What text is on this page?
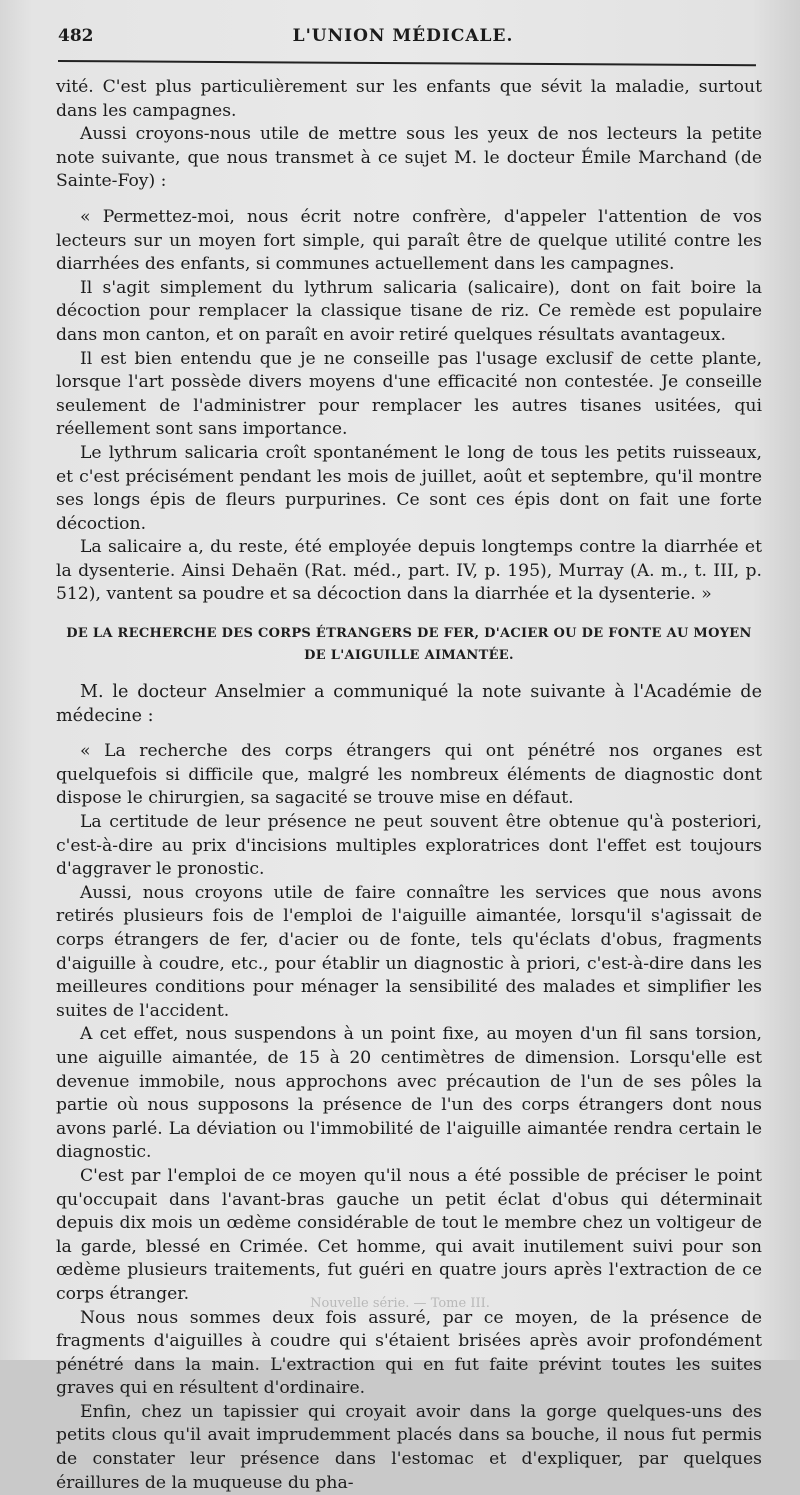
482	L'UNION MÉDICALE.

vité. C'est plus particulièrement sur les enfants que sévit la maladie, surtout dans les campagnes.

Aussi croyons-nous utile de mettre sous les yeux de nos lecteurs la petite note suivante, que nous transmet à ce sujet M. le docteur Émile Marchand (de Sainte-Foy) :

« Permettez-moi, nous écrit notre confrère, d'appeler l'attention de vos lecteurs sur un moyen fort simple, qui paraît être de quelque utilité contre les diarrhées des enfants, si communes actuellement dans les campagnes.

Il s'agit simplement du lythrum salicaria (salicaire), dont on fait boire la décoction pour remplacer la classique tisane de riz. Ce remède est populaire dans mon canton, et on paraît en avoir retiré quelques résultats avantageux.

Il est bien entendu que je ne conseille pas l'usage exclusif de cette plante, lorsque l'art possède divers moyens d'une efficacité non contestée. Je conseille seulement de l'administrer pour remplacer les autres tisanes usitées, qui réellement sont sans importance.

Le lythrum salicaria croît spontanément le long de tous les petits ruisseaux, et c'est précisément pendant les mois de juillet, août et septembre, qu'il montre ses longs épis de fleurs purpurines. Ce sont ces épis dont on fait une forte décoction.

La salicaire a, du reste, été employée depuis longtemps contre la diarrhée et la dysenterie. Ainsi Dehaën (Rat. méd., part. IV, p. 195), Murray (A. m., t. III, p. 512), vantent sa poudre et sa décoction dans la diarrhée et la dysenterie. »

DE LA RECHERCHE DES CORPS ÉTRANGERS DE FER, D'ACIER OU DE FONTE AU MOYEN
DE L'AIGUILLE AIMANTÉE.

M. le docteur Anselmier a communiqué la note suivante à l'Académie de médecine :

« La recherche des corps étrangers qui ont pénétré nos organes est quelquefois si difficile que, malgré les nombreux éléments de diagnostic dont dispose le chirurgien, sa sagacité se trouve mise en défaut.

La certitude de leur présence ne peut souvent être obtenue qu'à posteriori, c'est-à-dire au prix d'incisions multiples exploratrices dont l'effet est toujours d'aggraver le pronostic.

Aussi, nous croyons utile de faire connaître les services que nous avons retirés plusieurs fois de l'emploi de l'aiguille aimantée, lorsqu'il s'agissait de corps étrangers de fer, d'acier ou de fonte, tels qu'éclats d'obus, fragments d'aiguille à coudre, etc., pour établir un diagnostic à priori, c'est-à-dire dans les meilleures conditions pour ménager la sensibilité des malades et simplifier les suites de l'accident.

A cet effet, nous suspendons à un point fixe, au moyen d'un fil sans torsion, une aiguille aimantée, de 15 à 20 centimètres de dimension. Lorsqu'elle est devenue immobile, nous approchons avec précaution de l'un de ses pôles la partie où nous supposons la présence de l'un des corps étrangers dont nous avons parlé. La déviation ou l'immobilité de l'aiguille aimantée rendra certain le diagnostic.

C'est par l'emploi de ce moyen qu'il nous a été possible de préciser le point qu'occupait dans l'avant-bras gauche un petit éclat d'obus qui déterminait depuis dix mois un œdème considérable de tout le membre chez un voltigeur de la garde, blessé en Crimée. Cet homme, qui avait inutilement suivi pour son œdème plusieurs traitements, fut guéri en quatre jours après l'extraction de ce corps étranger.

Nous nous sommes deux fois assuré, par ce moyen, de la présence de fragments d'aiguilles à coudre qui s'étaient brisées après avoir profondément pénétré dans la main. L'extraction qui en fut faite prévint toutes les suites graves qui en résultent d'ordinaire.

Enfin, chez un tapissier qui croyait avoir dans la gorge quelques-uns des petits clous qu'il avait imprudemment placés dans sa bouche, il nous fut permis de constater leur présence dans l'estomac et d'expliquer, par quelques éraillures de la muqueuse du pha-

Nouvelle série. — Tome III.
